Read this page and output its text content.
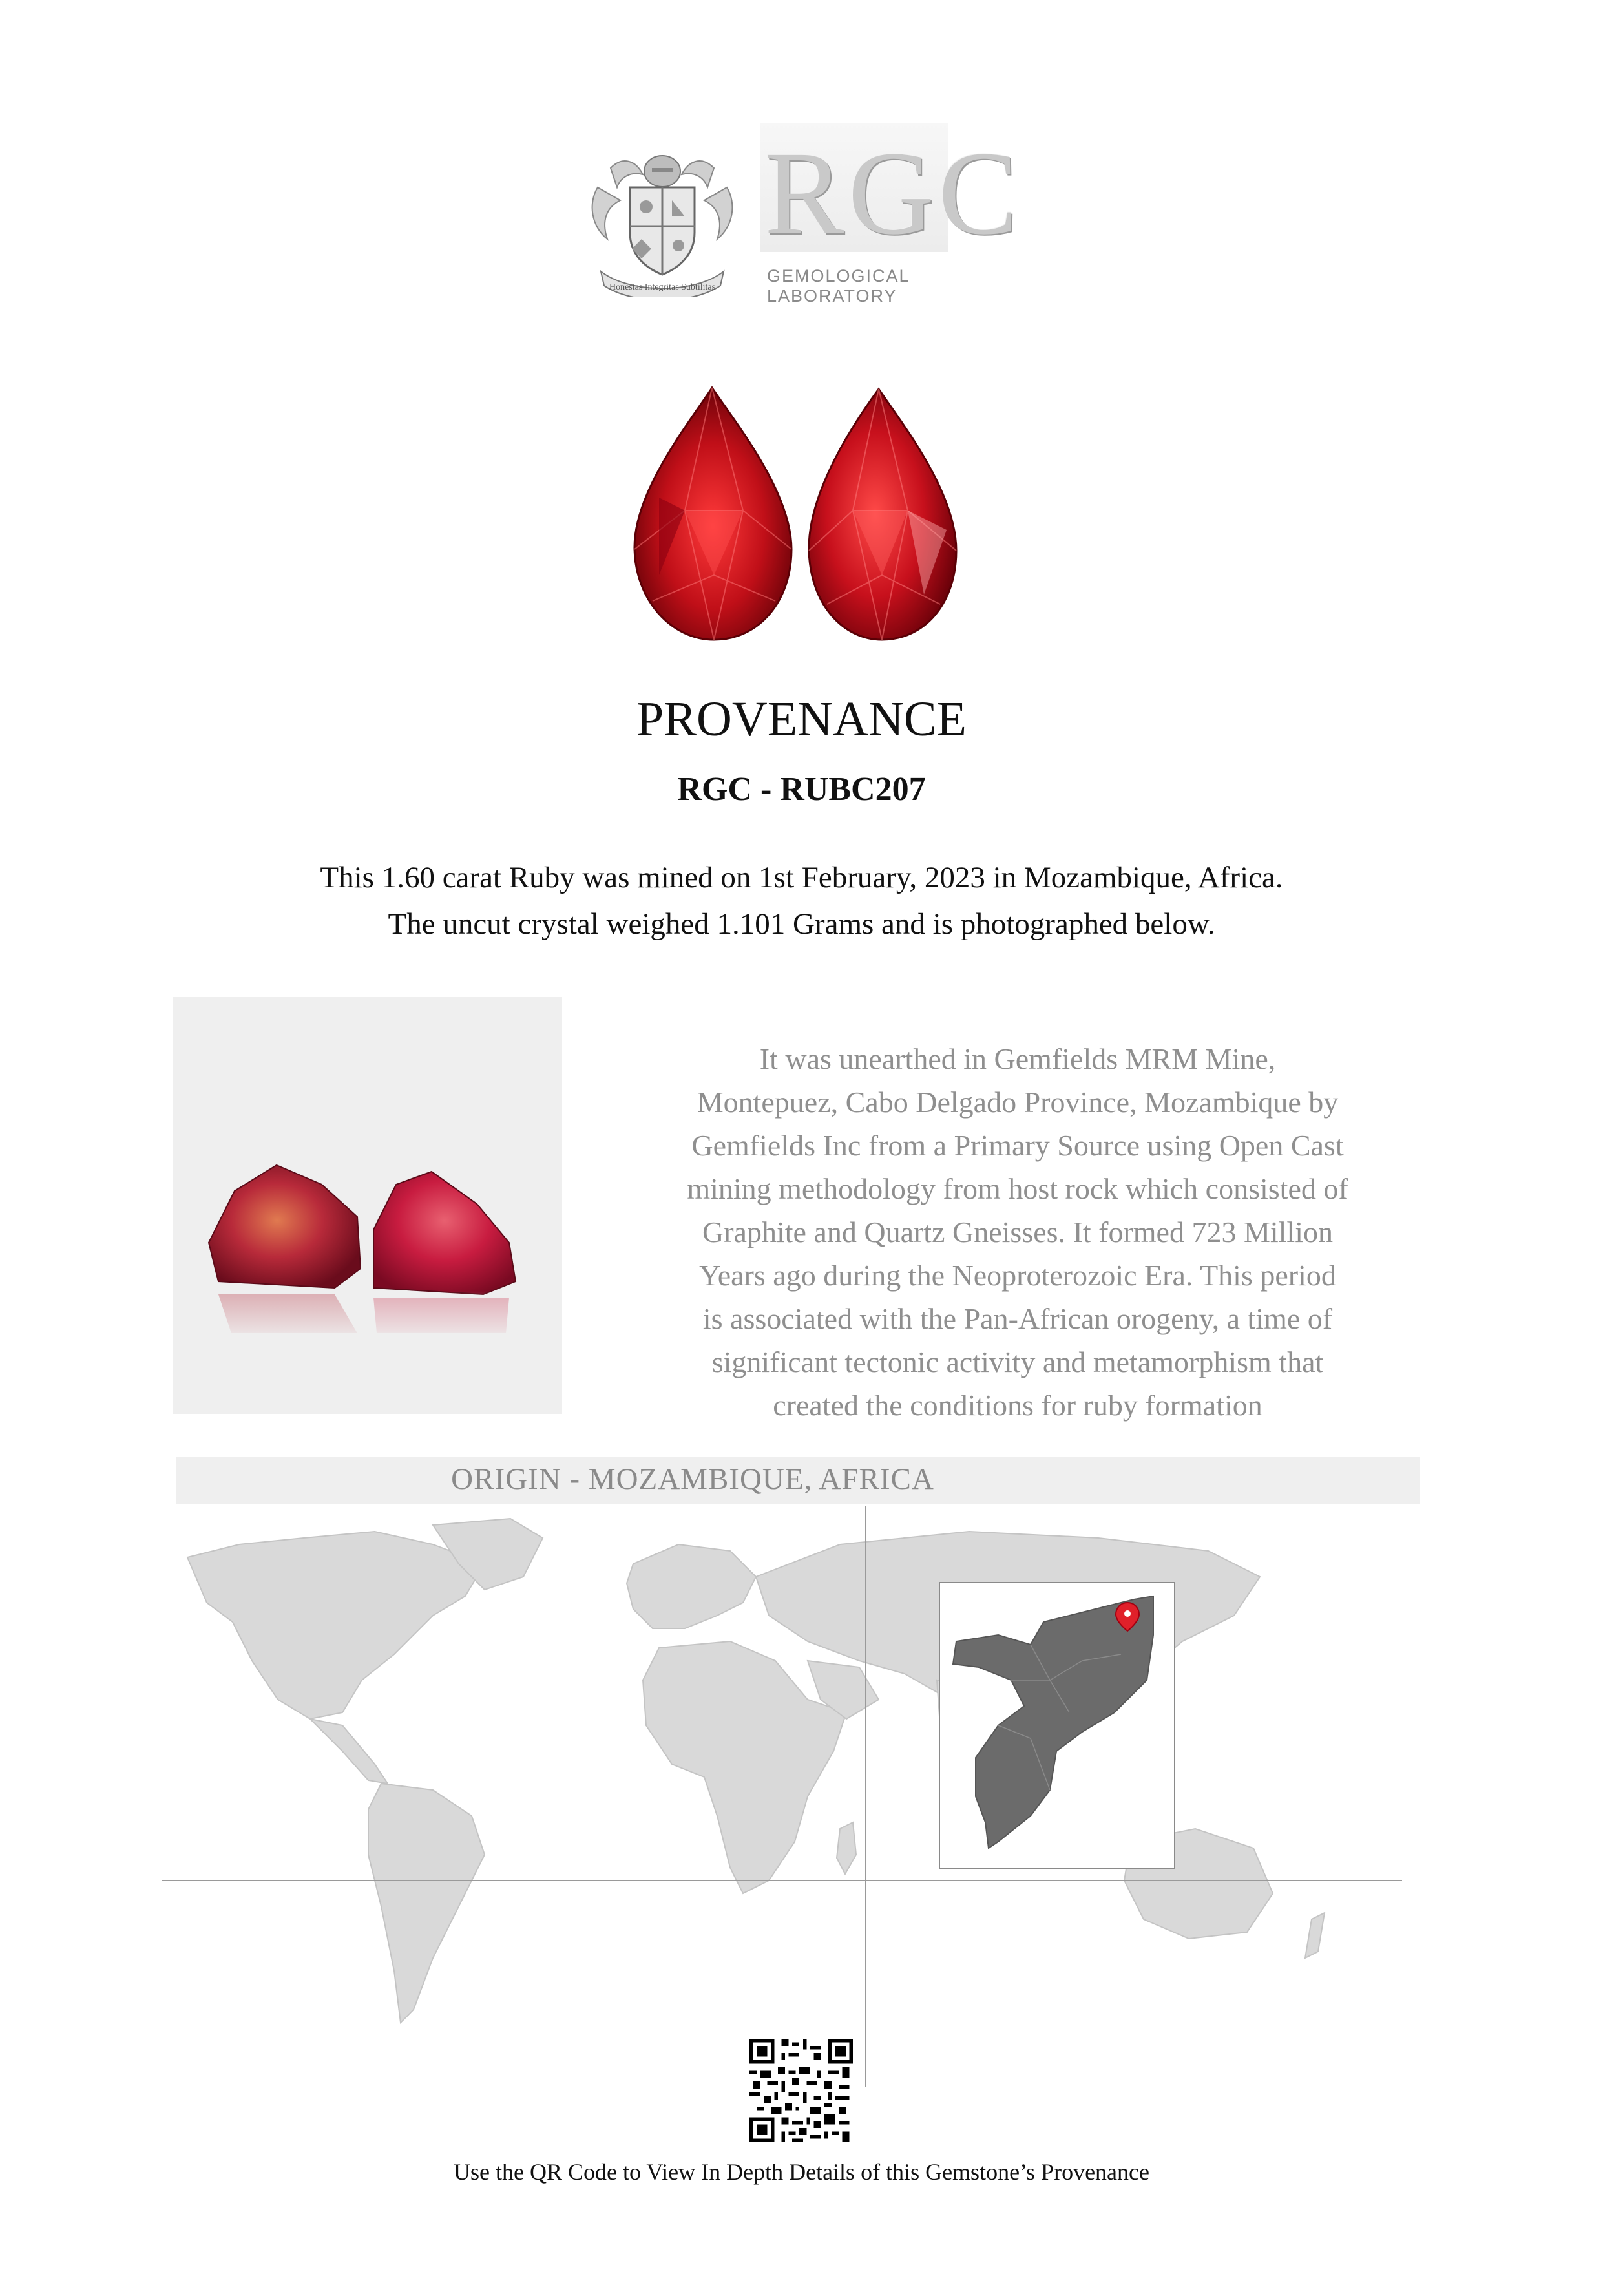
Honestas Integritas Subtilitas
RGC
GEMOLOGICAL LABORATORY
PROVENANCE
RGC - RUBC207
This 1.60 carat Ruby was mined on 1st February, 2023 in Mozambique, Africa.
The uncut crystal weighed 1.101 Grams and is photographed below.
It was unearthed in Gemfields MRM Mine,
Montepuez, Cabo Delgado Province, Mozambique by
Gemfields Inc from a Primary Source using Open Cast
mining methodology from host rock which consisted of
Graphite and Quartz Gneisses. It formed 723 Million
Years ago during the Neoproterozoic Era. This period
is associated with the Pan-African orogeny, a time of
significant tectonic activity and metamorphism that
created the conditions for ruby formation
ORIGIN - MOZAMBIQUE, AFRICA
Use the QR Code to View In Depth Details of this Gemstone’s Provenance
